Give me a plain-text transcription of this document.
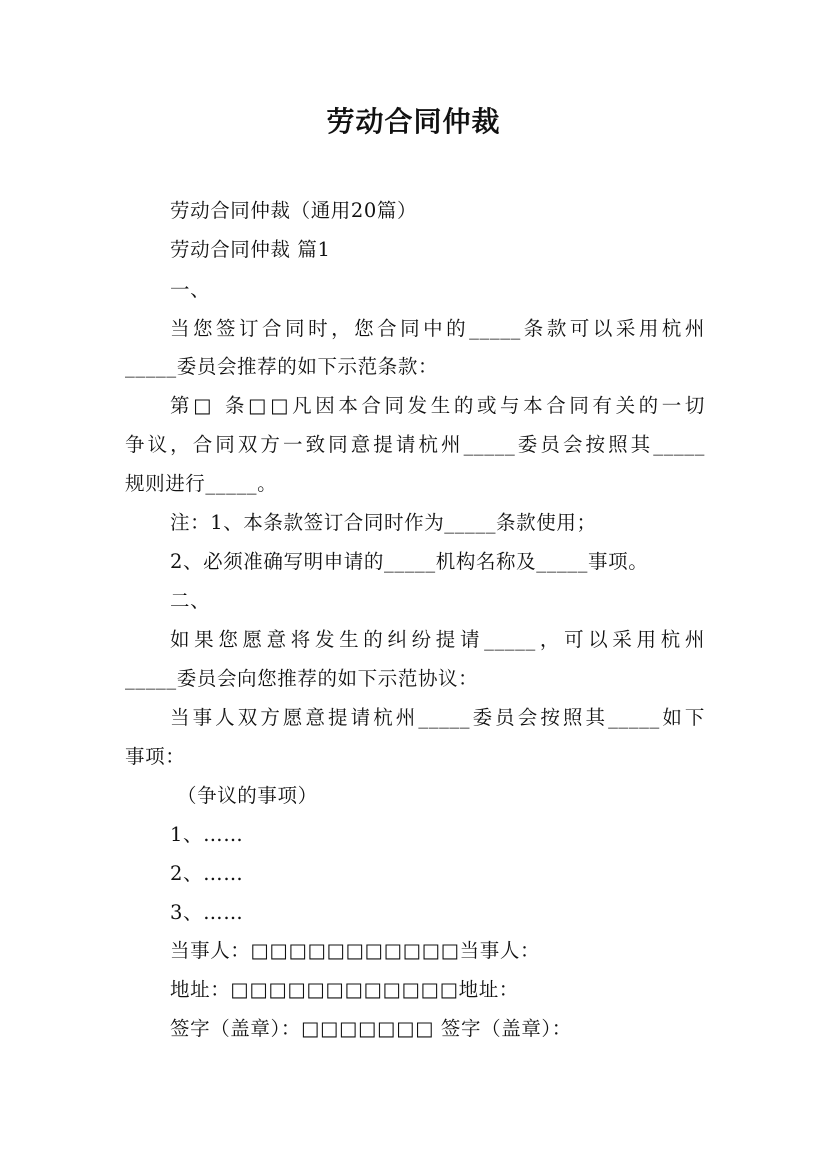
劳动合同仲裁
劳动合同仲裁（通用20篇）
劳动合同仲裁 篇1
一、
当您签订合同时，您合同中的_____条款可以采用杭州
_____委员会推荐的如下示范条款：
第□ 条□□凡因本合同发生的或与本合同有关的一切
争议，合同双方一致同意提请杭州_____委员会按照其_____
规则进行_____。
注：1、本条款签订合同时作为_____条款使用；
2、必须准确写明申请的_____机构名称及_____事项。
二、
如果您愿意将发生的纠纷提请_____，可以采用杭州
_____委员会向您推荐的如下示范协议：
当事人双方愿意提请杭州_____委员会按照其_____如下
事项：
（争议的事项）
1、……
2、……
3、……
当事人：□□□□□□□□□□□当事人：
地址：□□□□□□□□□□□□地址：
签字（盖章）：□□□□□□□ 签字（盖章）：
